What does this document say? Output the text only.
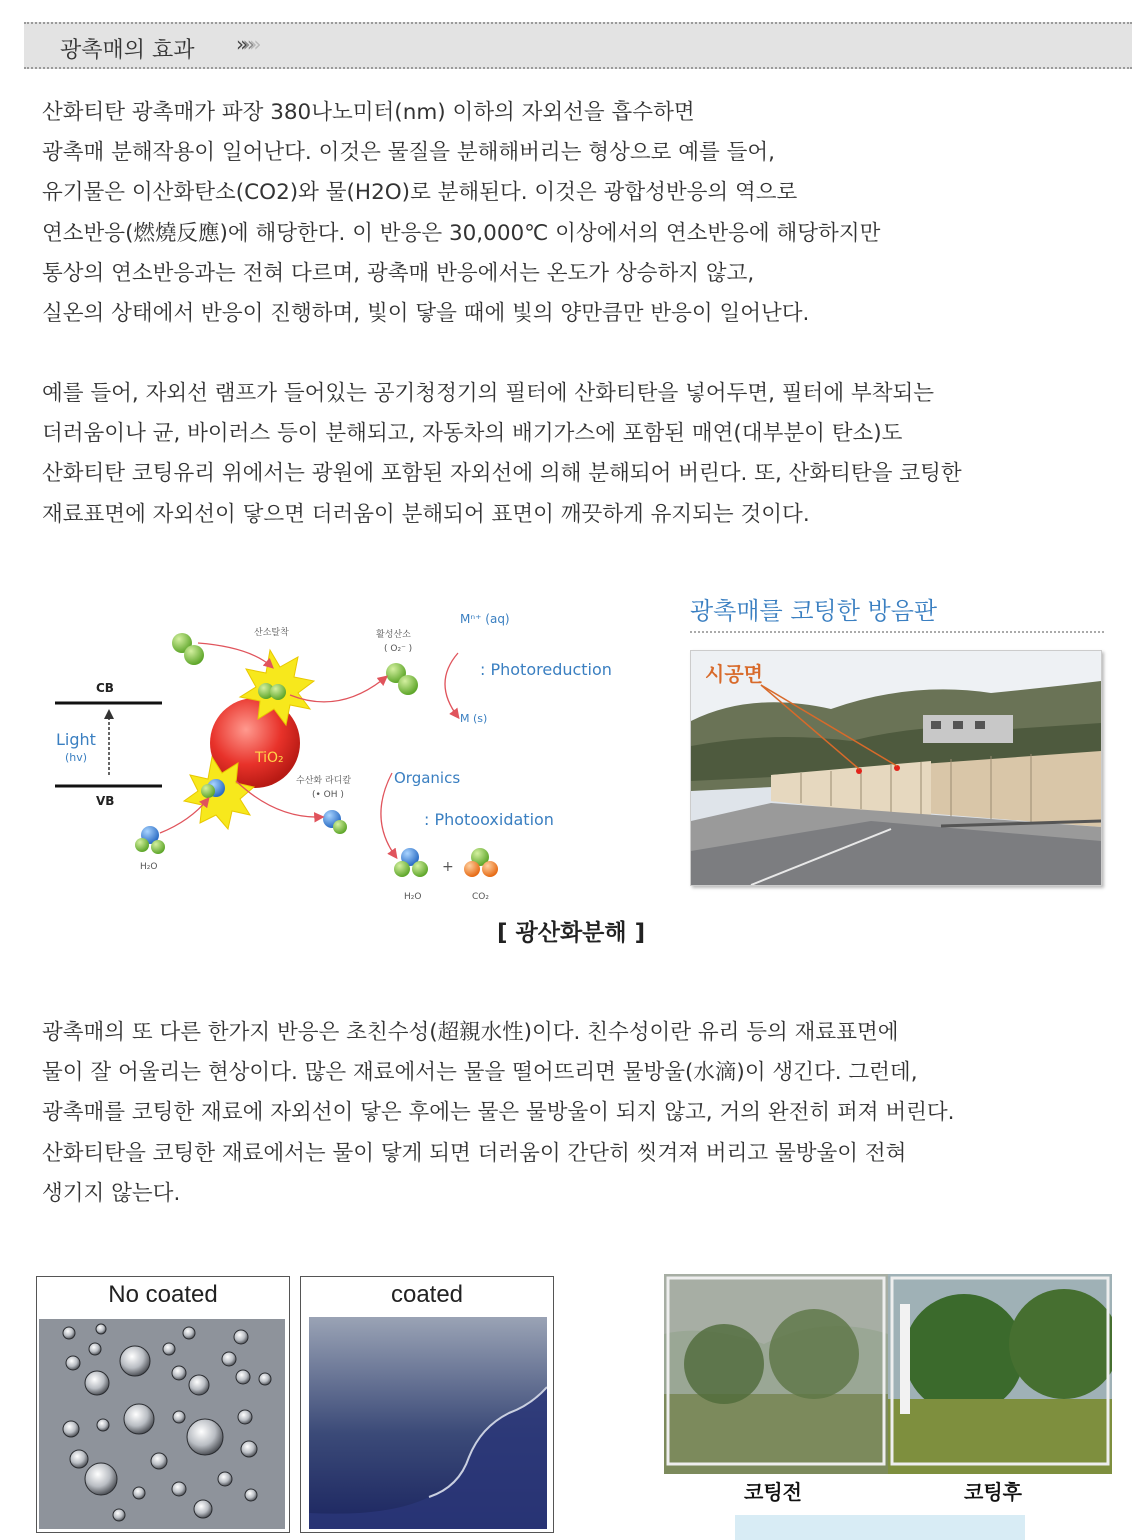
광촉매의 효과 » » »
산화티탄 광촉매가 파장 380나노미터(nm) 이하의 자외선을 흡수하면
광촉매 분해작용이 일어난다. 이것은 물질을 분해해버리는 형상으로 예를 들어,
유기물은 이산화탄소(CO2)와 물(H2O)로 분해된다. 이것은 광합성반응의 역으로
연소반응(燃燒反應)에 해당한다. 이 반응은 30,000℃ 이상에서의 연소반응에 해당하지만
통상의 연소반응과는 전혀 다르며, 광촉매 반응에서는 온도가 상승하지 않고,
실온의 상태에서 반응이 진행하며, 빛이 닿을 때에 빛의 양만큼만 반응이 일어난다.
예를 들어, 자외선 램프가 들어있는 공기청정기의 필터에 산화티탄을 넣어두면, 필터에 부착되는
더러움이나 균, 바이러스 등이 분해되고, 자동차의 배기가스에 포함된 매연(대부분이 탄소)도
산화티탄 코팅유리 위에서는 광원에 포함된 자외선에 의해 분해되어 버린다. 또, 산화티탄을 코팅한
재료표면에 자외선이 닿으면 더러움이 분해되어 표면이 깨끗하게 유지되는 것이다.
CB
VB
Light
(hv)	TiO₂
산소탈착	활성산소
( O₂⁻ )
Mⁿ⁺ (aq)
: Photoreduction
M (s)
수산화 라디칼
(• OH )
Organics
: Photooxidation
H₂O	CO₂
+
H₂O
[ 광산화분해 ]
광촉매를 코팅한 방음판
시공면
광촉매의 또 다른 한가지 반응은 초친수성(超親水性)이다. 친수성이란 유리 등의 재료표면에
물이 잘 어울리는 현상이다. 많은 재료에서는 물을 떨어뜨리면 물방울(水滴)이 생긴다. 그런데,
광촉매를 코팅한 재료에 자외선이 닿은 후에는 물은 물방울이 되지 않고, 거의 완전히 퍼져 버린다.
산화티탄을 코팅한 재료에서는 물이 닿게 되면 더러움이 간단히 씻겨져 버리고 물방울이 전혀
생기지 않는다.
No coated	coated
코팅전	코팅후
